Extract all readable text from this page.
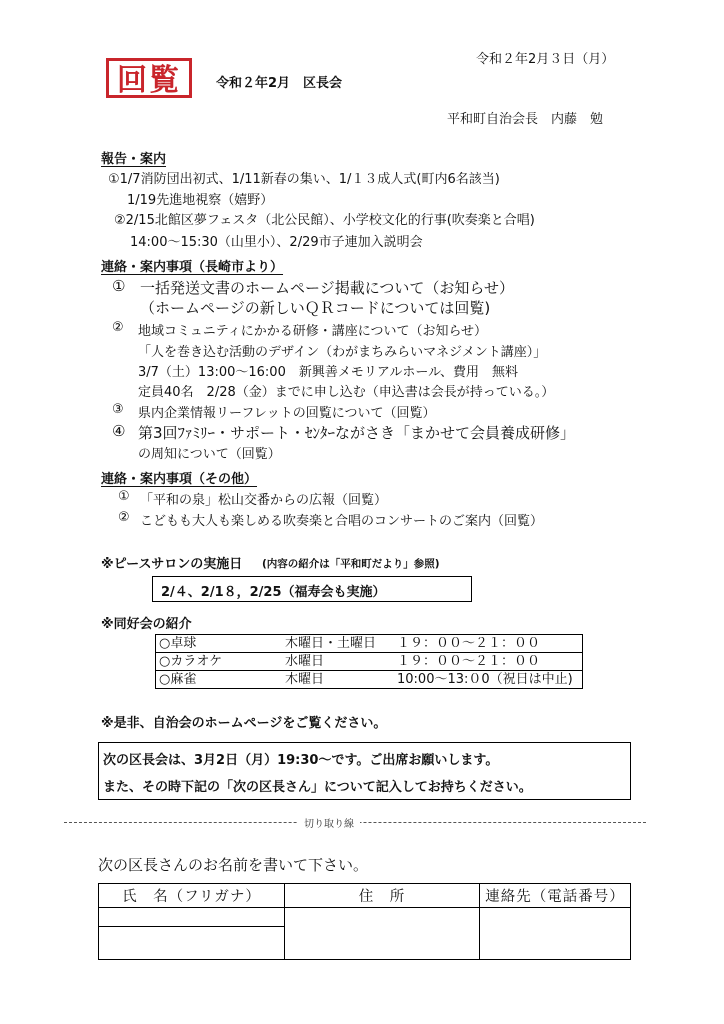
令和２年2月３日（月）
回覧	令和２年2月　区長会
平和町自治会長　内藤　勉
報告・案内
①1/7消防団出初式、1/11新春の集い、1/１３成人式(町内6名該当)
1/19先進地視察（嬉野）
②2/15北館区夢フェスタ（北公民館）、小学校文化的行事(吹奏楽と合唱)
14:00～15:30（山里小）、2/29市子連加入説明会
連絡・案内事項（長崎市より）
① 一括発送文書のホームページ掲載について（お知らせ）
（ホームページの新しいＱＲコードについては回覧)
② 地域コミュニティにかかる研修・講座について（お知らせ）
「人を巻き込む活動のデザイン（わがまちみらいマネジメント講座）」
3/7（土）13:00～16:00　新興善メモリアルホール、費用　無料
定員40名　2/28（金）までに申し込む（申込書は会長が持っている。）
③ 県内企業情報リーフレットの回覧について（回覧）
④ 第3回ﾌｧﾐﾘｰ・サポート・ｾﾝﾀｰながさき「まかせて会員養成研修」
の周知について（回覧）
連絡・案内事項（その他）
① 「平和の泉」松山交番からの広報（回覧）
② こどもも大人も楽しめる吹奏楽と合唱のコンサートのご案内（回覧）
※ピースサロンの実施日 (内容の紹介は「平和町だより」参照)
2/４、2/1８，2/25（福寿会も実施）
※同好会の紹介
○卓球	木曜日・土曜日	１９：００～２１：００
○カラオケ	水曜日	１９：００～２１：００
○麻雀	木曜日	10:00～13:０0（祝日は中止)
※是非、自治会のホームページをご覧ください。
次の区長会は、3月2日（月）19:30～です。ご出席お願いします。
また、その時下記の「次の区長さん」について記入してお持ちください。
切り取り線
次の区長さんのお名前を書いて下さい。
氏　名（フリガナ）	住　所	連絡先（電話番号）
